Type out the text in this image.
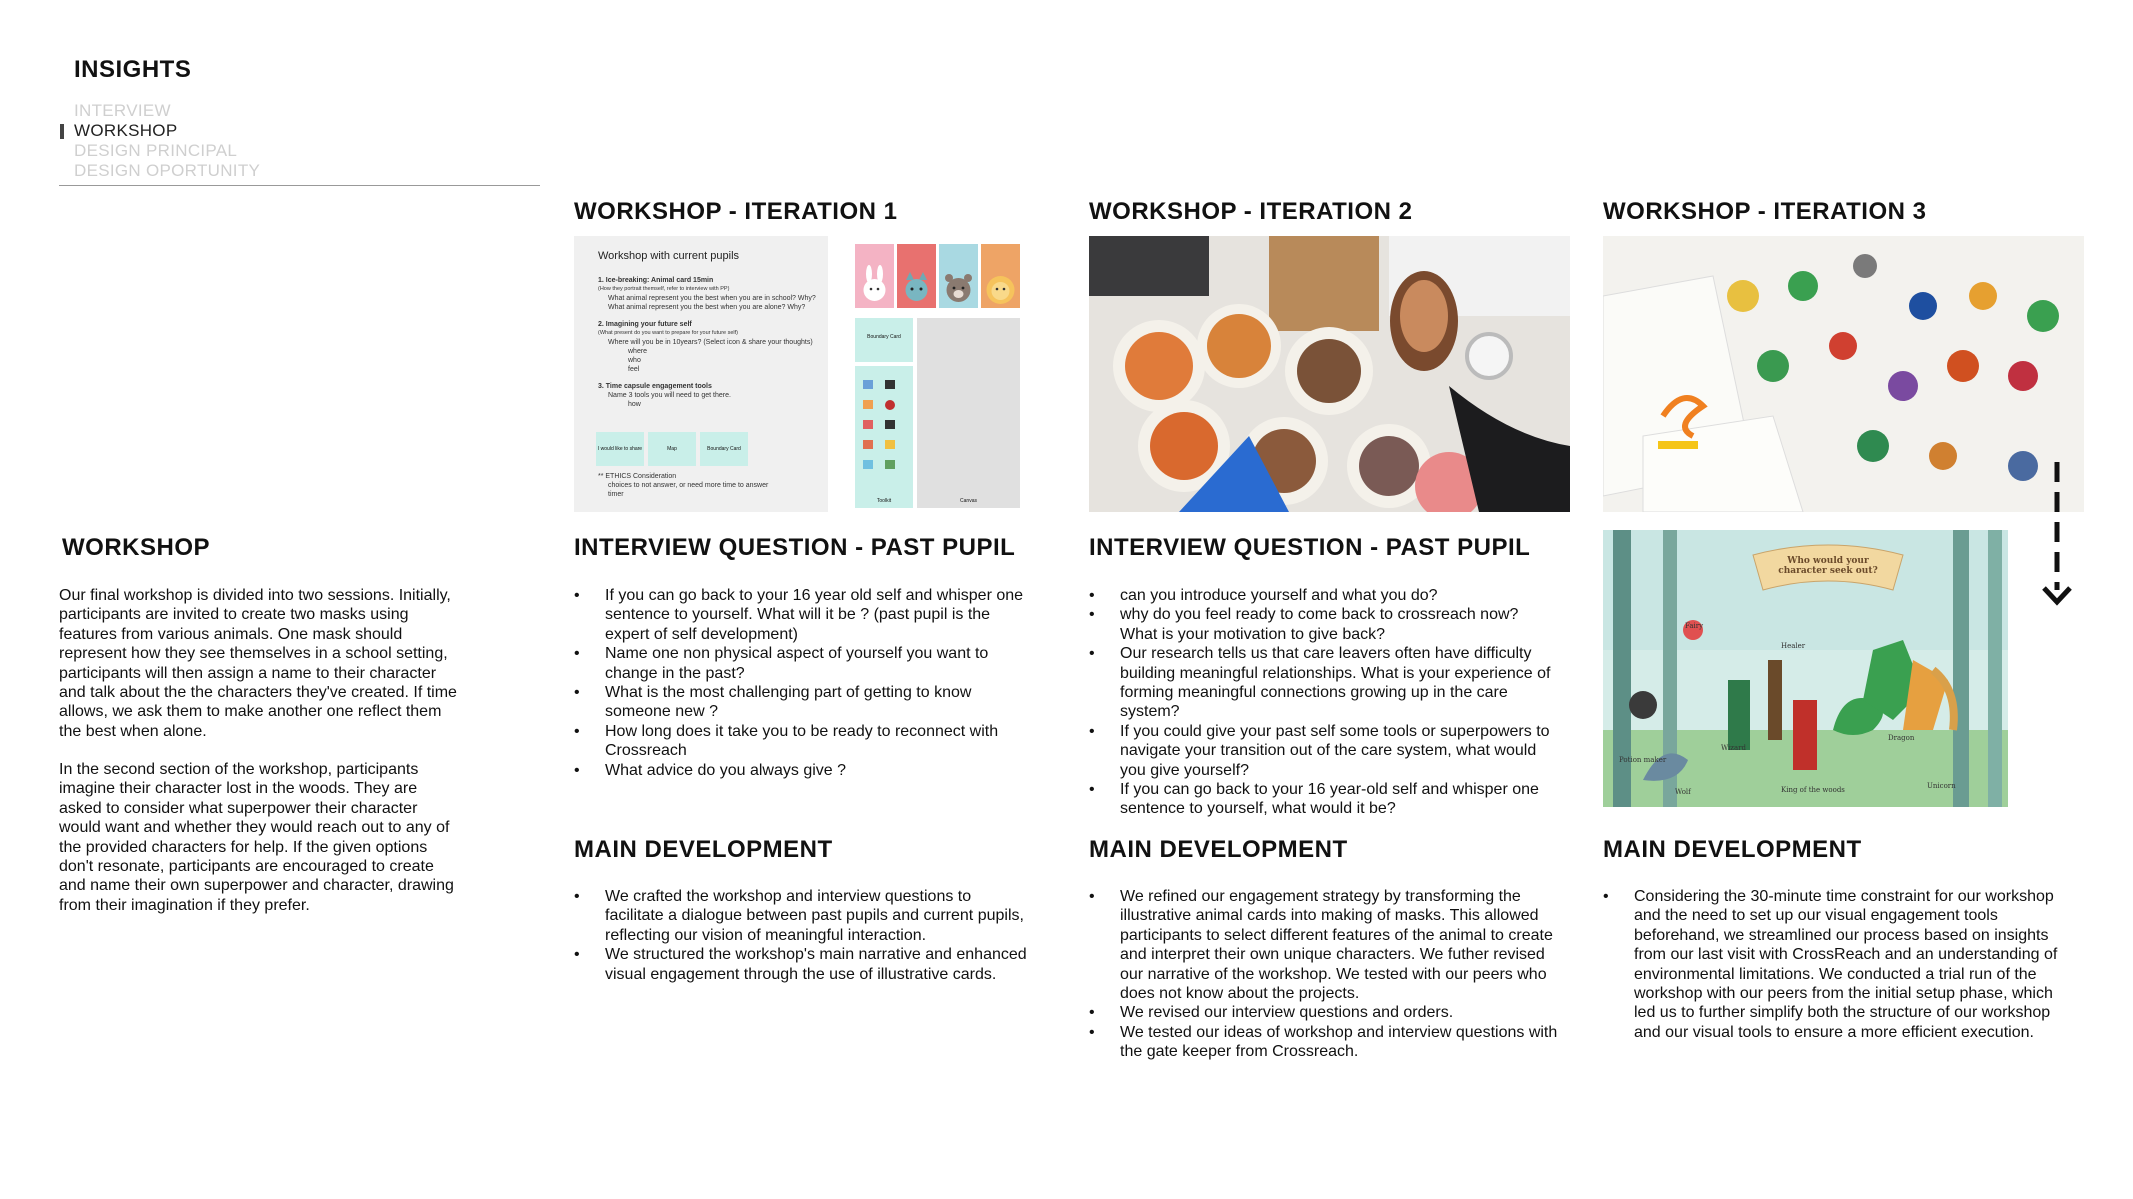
INSIGHTS
INTERVIEW
WORKSHOP
DESIGN PRINCIPAL
DESIGN OPORTUNITY
WORKSHOP
Our final workshop is divided into two sessions. Initially, participants are invited to create two masks using features from various animals. One mask should represent how they see themselves in a school setting, participants will then assign a name to their character and talk about the the characters they've created. If time allows, we ask them to make another one reflect them the best when alone.
In the second section of the workshop, participants imagine their character lost in the woods. They are asked to consider what superpower their character would want and whether they would reach out to any of the provided characters for help. If the given options don't resonate, participants are encouraged to create and name their own superpower and character, drawing from their imagination if they prefer.
WORKSHOP - ITERATION 1
Workshop with current pupils
1. Ice-breaking: Animal card 15min
(How they portrait themself, refer to interview with PP)
What animal represent you the best when you are in school? Why?
What animal represent you the best when you are alone? Why?
2. Imagining your future self
(What present do you want to prepare for your future self)
Where will you be in 10years? (Select icon & share your thoughts)
where
who
feel
3. Time capsule engagement tools
Name 3 tools you will need to get there.
how
I would like to share	Map	Boundary Card
** ETHICS Consideration
choices to not answer, or need more time to answer
timer
Boundary Card
Toolkit	Canvas
INTERVIEW QUESTION - PAST PUPIL
• If you can go back to your 16 year old self and whisper one sentence to yourself. What will it be ? (past pupil is the expert of self development)
• Name one non physical aspect of yourself you want to change in the past?
• What is the most challenging part of getting to know someone new ?
• How long does it take you to be ready to reconnect with Crossreach
• What advice do you always give ?
MAIN DEVELOPMENT
• We crafted the workshop and interview questions to facilitate a dialogue between past pupils and current pupils, reflecting our vision of meaningful interaction.
• We structured the workshop's main narrative and enhanced visual engagement through the use of illustrative cards.
WORKSHOP - ITERATION 2
INTERVIEW QUESTION - PAST PUPIL
• can you introduce yourself and what you do?
• why do you feel ready to come back to crossreach now? What is your motivation to give back?
• Our research tells us that care leavers often have difficulty building meaningful relationships. What is your experience of forming meaningful connections growing up in the care system?
• If you could give your past self some tools or superpowers to navigate your transition out of the care system, what would you give yourself?
• If you can go back to your 16 year-old self and whisper one sentence to yourself, what would it be?
MAIN DEVELOPMENT
• We refined our engagement strategy by transforming the illustrative animal cards into making of masks. This allowed participants to select different features of the animal to create and interpret their own unique characters. We futher revised our narrative of the workshop. We tested with our peers who does not know about the projects.
• We revised our interview questions and orders.
• We tested our ideas of workshop and interview questions with the gate keeper from Crossreach.
WORKSHOP - ITERATION 3
Who would your character seek out?
Fairy
Healer
Potion maker
Wizard
Dragon
Wolf	King of the woods	Unicorn
MAIN DEVELOPMENT
• Considering the 30-minute time constraint for our workshop and the need to set up our visual engagement tools beforehand, we streamlined our process based on insights from our last visit with CrossReach and an understanding of environmental limitations. We conducted a trial run of the workshop with our peers from the initial setup phase, which led us to further simplify both the structure of our workshop and our visual tools to ensure a more efficient execution.
